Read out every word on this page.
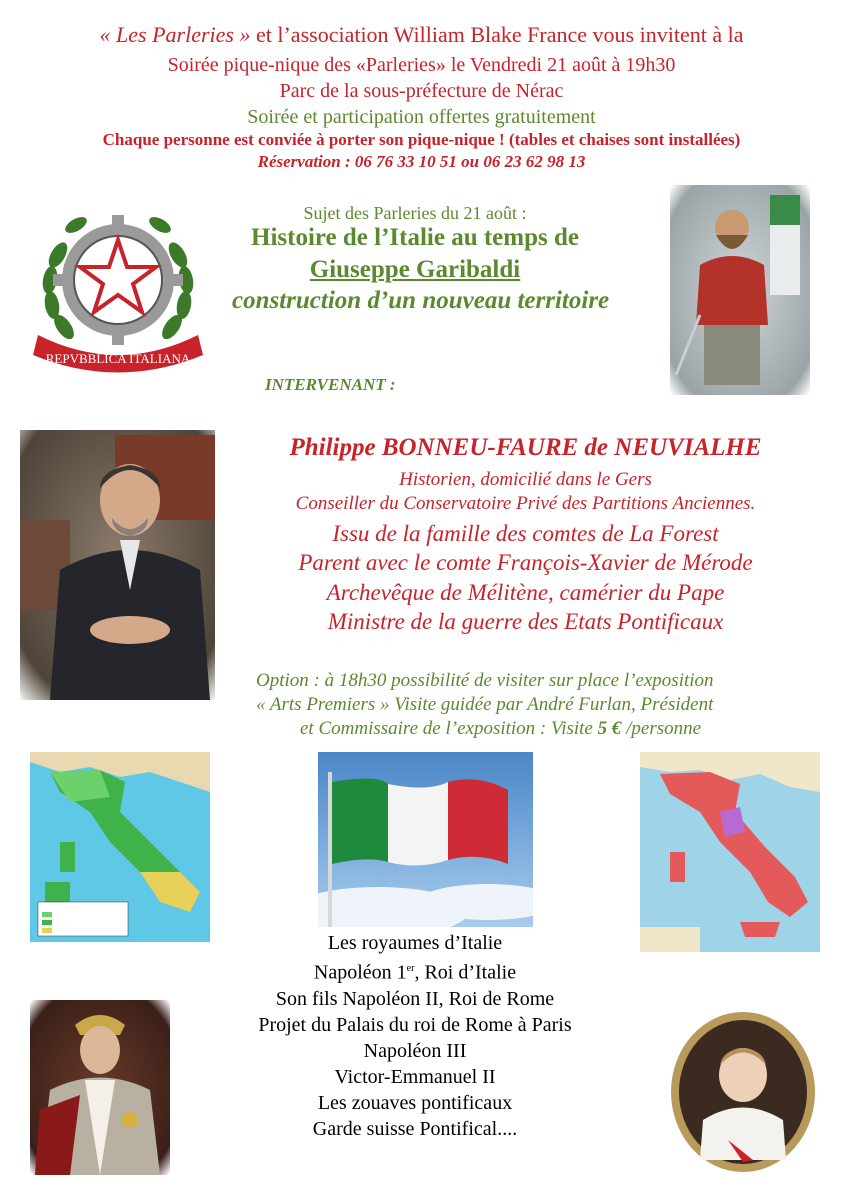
« Les Parleries » et l’association William Blake France vous invitent à la
Soirée pique-nique des «Parleries» le Vendredi 21 août à 19h30
Parc de la sous-préfecture de Nérac
Soirée et participation offertes gratuitement
Chaque personne est conviée à porter son pique-nique ! (tables et chaises sont installées)
Réservation : 06 76 33 10 51 ou 06 23 62 98 13
REPVBBLICA ITALIANA
Sujet des Parleries du 21 août :
Histoire de l’Italie au temps de
Giuseppe Garibaldi
construction d’un nouveau territoire
INTERVENANT :
Philippe BONNEU-FAURE de NEUVIALHE
Historien, domicilié dans le Gers
Conseiller du Conservatoire Privé des Partitions Anciennes.
Issu de la famille des comtes de La Forest
Parent avec le comte François-Xavier de Mérode
Archevêque de Mélitène, camérier du Pape
Ministre de la guerre des Etats Pontificaux
Option : à 18h30 possibilité de visiter sur place l’exposition
« Arts Premiers » Visite guidée par André Furlan, Président
et Commissaire de l’exposition : Visite 5 € /personne
Les royaumes d’Italie
Napoléon 1er, Roi d’Italie
Son fils Napoléon II, Roi de Rome
Projet du Palais du roi de Rome à Paris
Napoléon III
Victor-Emmanuel II
Les zouaves pontificaux
Garde suisse Pontifical....
